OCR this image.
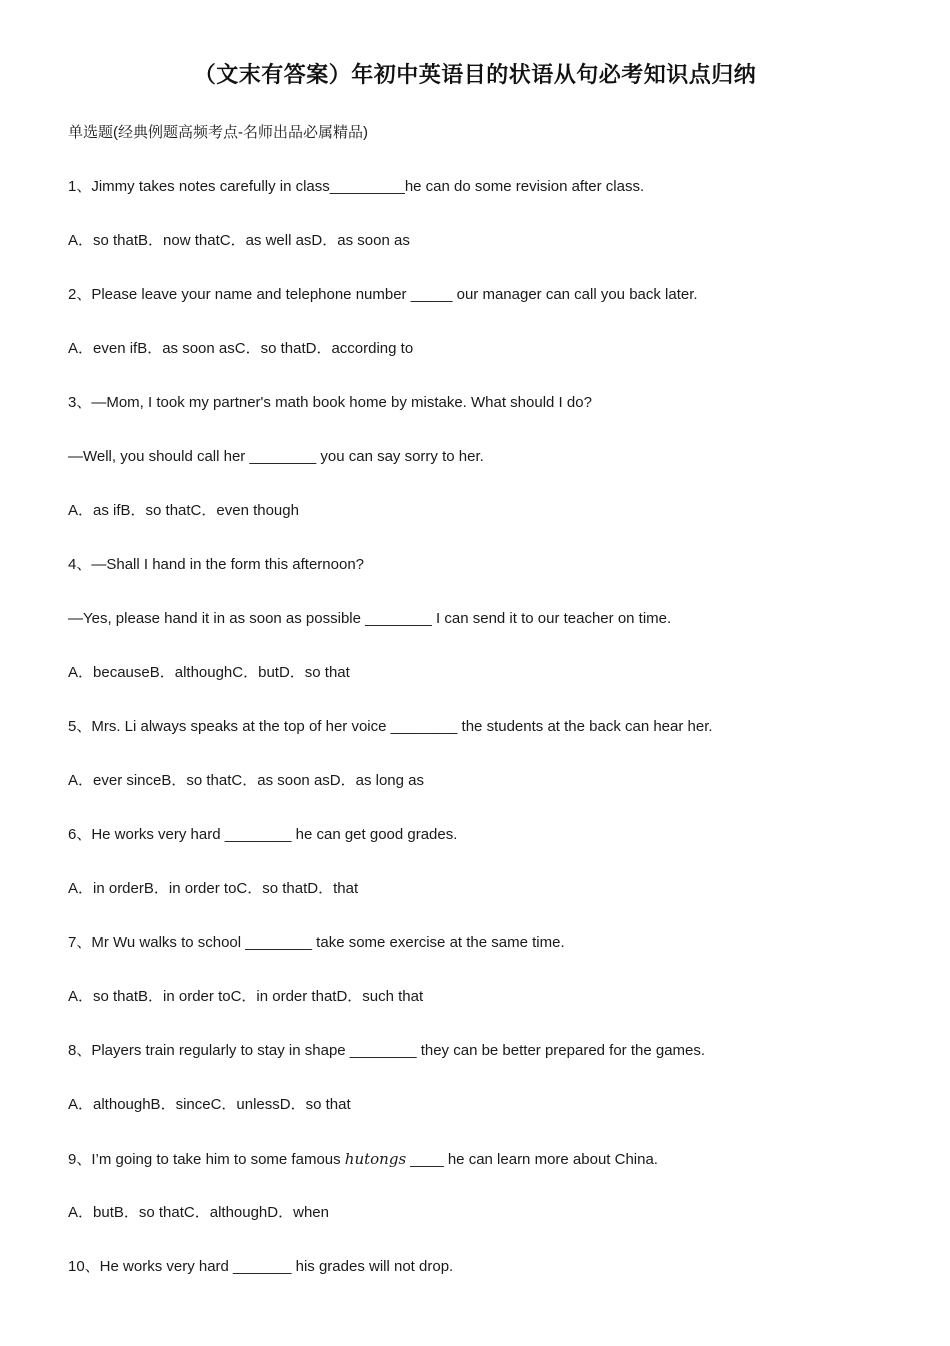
（文末有答案）年初中英语目的状语从句必考知识点归纳
单选题(经典例题高频考点-名师出品必属精品)
1、Jimmy takes notes carefully in class_________he can do some revision after class.
A．so thatB．now thatC．as well asD．as soon as
2、Please leave your name and telephone number _____ our manager can call you back later.
A．even ifB．as soon asC．so thatD．according to
3、—Mom, I took my partner's math book home by mistake. What should I do?
—Well, you should call her ________ you can say sorry to her.
A．as ifB．so thatC．even though
4、—Shall I hand in the form this afternoon?
—Yes, please hand it in as soon as possible ________ I can send it to our teacher on time.
A．becauseB．althoughC．butD．so that
5、Mrs. Li always speaks at the top of her voice ________ the students at the back can hear her.
A．ever sinceB．so thatC．as soon asD．as long as
6、He works very hard ________ he can get good grades.
A．in orderB．in order toC．so thatD．that
7、Mr Wu walks to school ________ take some exercise at the same time.
A．so thatB．in order toC．in order thatD．such that
8、Players train regularly to stay in shape ________ they can be better prepared for the games.
A．althoughB．sinceC．unlessD．so that
9、I’m going to take him to some famous hutongs ____ he can learn more about China.
A．butB．so thatC．althoughD．when
10、He works very hard _______ his grades will not drop.
